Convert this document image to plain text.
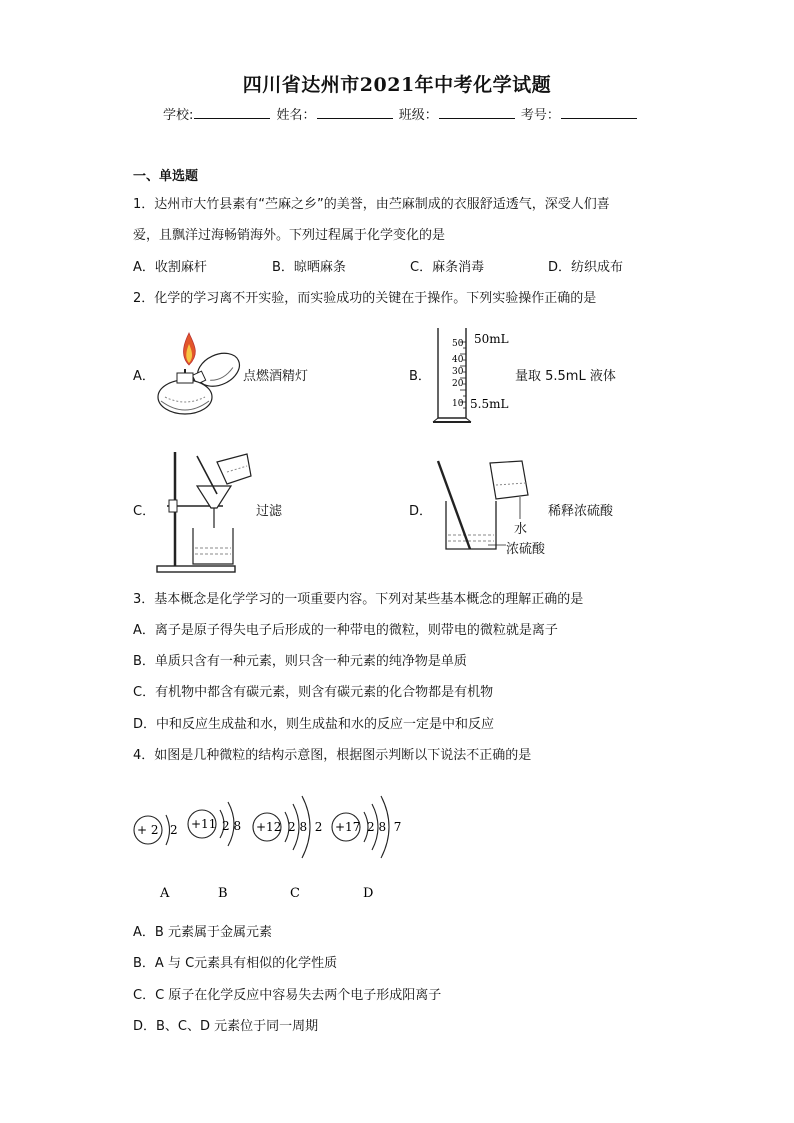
四川省达州市2021年中考化学试题
学校:	姓名：	班级：	考号：
一、单选题
1．达州市大竹县素有“苎麻之乡”的美誉，由苎麻制成的衣服舒适透气，深受人们喜
爱，且飘洋过海畅销海外。下列过程属于化学变化的是
A．收割麻杆	B．晾晒麻条	C．麻条消毒	D．纺织成布
2．化学的学习离不开实验，而实验成功的关键在于操作。下列实验操作正确的是
A．	点燃酒精灯	B．
50
40
30
20
10
50mL
5.5mL
量取 5.5mL 液体
C．	过滤	D．	稀释浓硫酸
水
浓硫酸
3．基本概念是化学学习的一项重要内容。下列对某些基本概念的理解正确的是
A．离子是原子得失电子后形成的一种带电的微粒，则带电的微粒就是离子
B．单质只含有一种元素，则只含一种元素的纯净物是单质
C．有机物中都含有碳元素，则含有碳元素的化合物都是有机物
D．中和反应生成盐和水，则生成盐和水的反应一定是中和反应
4．如图是几种微粒的结构示意图，根据图示判断以下说法不正确的是
+ 2 2 +11 2 8 +12 2 8  2 +17 2 8  7
A	B	C	D
A．B 元素属于金属元素
B．A 与 C元素具有相似的化学性质
C．C 原子在化学反应中容易失去两个电子形成阳离子
D．B、C、D 元素位于同一周期
